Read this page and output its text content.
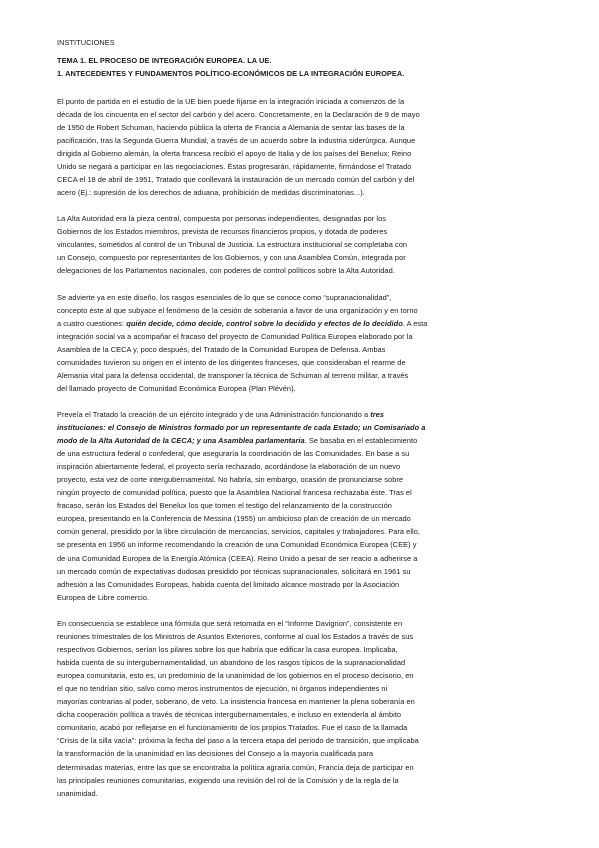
INSTITUCIONES
TEMA 1. EL PROCESO DE INTEGRACIÓN EUROPEA. LA UE.
1. ANTECEDENTES Y FUNDAMENTOS POLÍTICO-ECONÓMICOS DE LA INTEGRACIÓN EUROPEA.
El punto de partida en el estudio de la UE bien puede fijarse en la integración iniciada a comienzos de la
década de los cincuenta en el sector del carbón y del acero. Concretamente, en la Declaración de 9 de mayo
de 1950 de Robert Schuman, haciendo pública la oferta de Francia a Alemania de sentar las bases de la
pacificación, tras la Segunda Guerra Mundial, a través de un acuerdo sobre la industria siderúrgica. Aunque
dirigida al Gobierno alemán, la oferta francesa recibió el apoyo de Italia y de los países del Benelux; Reino
Unido se negará a participar en las negociaciones. Éstas progresarán, rápidamente, firmándose el Tratado
CECA el 18 de abril de 1951, Tratado que conllevará la instauración de un mercado común del carbón y del
acero (Ej.: supresión de los derechos de aduana, prohibición de medidas discriminatorias...).
La Alta Autoridad era la pieza central, compuesta por personas independientes, designadas por los
Gobiernos de los Estados miembros, prevista de recursos financieros propios, y dotada de poderes
vinculantes, sometidos al control de un Tribunal de Justicia. La estructura institucional se completaba con
un Consejo, compuesto por representantes de los Gobiernos, y con una Asamblea Común, integrada por
delegaciones de los Parlamentos nacionales, con poderes de control políticos sobre la Alta Autoridad.
Se advierte ya en este diseño, los rasgos esenciales de lo que se conoce como “supranacionalidad”,
concepto éste al que subyace el fenómeno de la cesión de soberanía a favor de una organización y en torno
a cuatro cuestiones: quién decide, cómo decide, control sobre lo decidido y efectos de lo decidido. A esta
integración social va a acompañar el fracaso del proyecto de Comunidad Política Europea elaborado por la
Asamblea de la CECA y, poco después, del Tratado de la Comunidad Europea de Defensa. Ambas
comunidades tuvieron su origen en el intento de los dirigentes franceses, que consideraban el rearme de
Alemania vital para la defensa occidental, de transponer la técnica de Schuman al terreno militar, a través
del llamado proyecto de Comunidad Económica Europea (Plan Plévén).
Preveía el Tratado la creación de un ejército integrado y de una Administración funcionando a tres
instituciones: el Consejo de Ministros formado por un representante de cada Estado; un Comisariado a
modo de la Alta Autoridad de la CECA; y una Asamblea parlamentaria. Se basaba en el establecimiento
de una estructura federal o confederal, que aseguraría la coordinación de las Comunidades. En base a su
inspiración abiertamente federal, el proyecto sería rechazado, acordándose la elaboración de un nuevo
proyecto, esta vez de corte intergubernamental. No habría, sin embargo, ocasión de pronunciarse sobre
ningún proyecto de comunidad política, puesto que la Asamblea Nacional francesa rechazaba éste. Tras el
fracaso, serán los Estados del Benelux los que tomen el testigo del relanzamiento de la construcción
europea, presentando en la Conferencia de Messina (1955) un ambicioso plan de creación de un mercado
común general, presidido por la libre circulación de mercancías, servicios, capitales y trabajadores. Para ello,
se presenta en 1956 un informe recomendando la creación de una Comunidad Económica Europea (CEE) y
de una Comunidad Europea de la Energía Atómica (CEEA). Reino Unido a pesar de ser reacio a adherirse a
un mercado común de expectativas dudosas presidido por técnicas supranacionales, solicitará en 1961 su
adhesión a las Comunidades Europeas, habida cuenta del limitado alcance mostrado por la Asociación
Europea de Libre comercio.
En consecuencia se establece una fórmula que será retomada en el “Informe Davignon”, consistente en
reuniones trimestrales de los Ministros de Asuntos Exteriores, conforme al cual los Estados a través de sus
respectivos Gobiernos, serían los pilares sobre los que habría que edificar la casa europea. Implicaba,
habida cuenta de su intergubernamentalidad, un abandono de los rasgos típicos de la supranacionalidad
europea comunitaria, esto es, un predominio de la unanimidad de los gobiernos en el proceso decisorio, en
el que no tendrían sitio, salvo como meros instrumentos de ejecución, ni órganos independientes ni
mayorías contrarias al poder, soberano, de veto. La insistencia francesa en mantener la plena soberanía en
dicha cooperación política a través de técnicas intergubernamentales, e incluso en extenderla al ámbito
comunitario, acabó por reflejarse en el funcionamiento de los propios Tratados. Fue el caso de la llamada
“Crisis de la silla vacía”: próxima la fecha del paso a la tercera etapa del periodo de transición, que implicaba
la transformación de la unanimidad en las decisiones del Consejo a la mayoría cualificada para
determinadas materias, entre las que se encontraba la política agraria común, Francia deja de participar en
las principales reuniones comunitarias, exigiendo una revisión del rol de la Comisión y de la regla de la
unanimidad.
